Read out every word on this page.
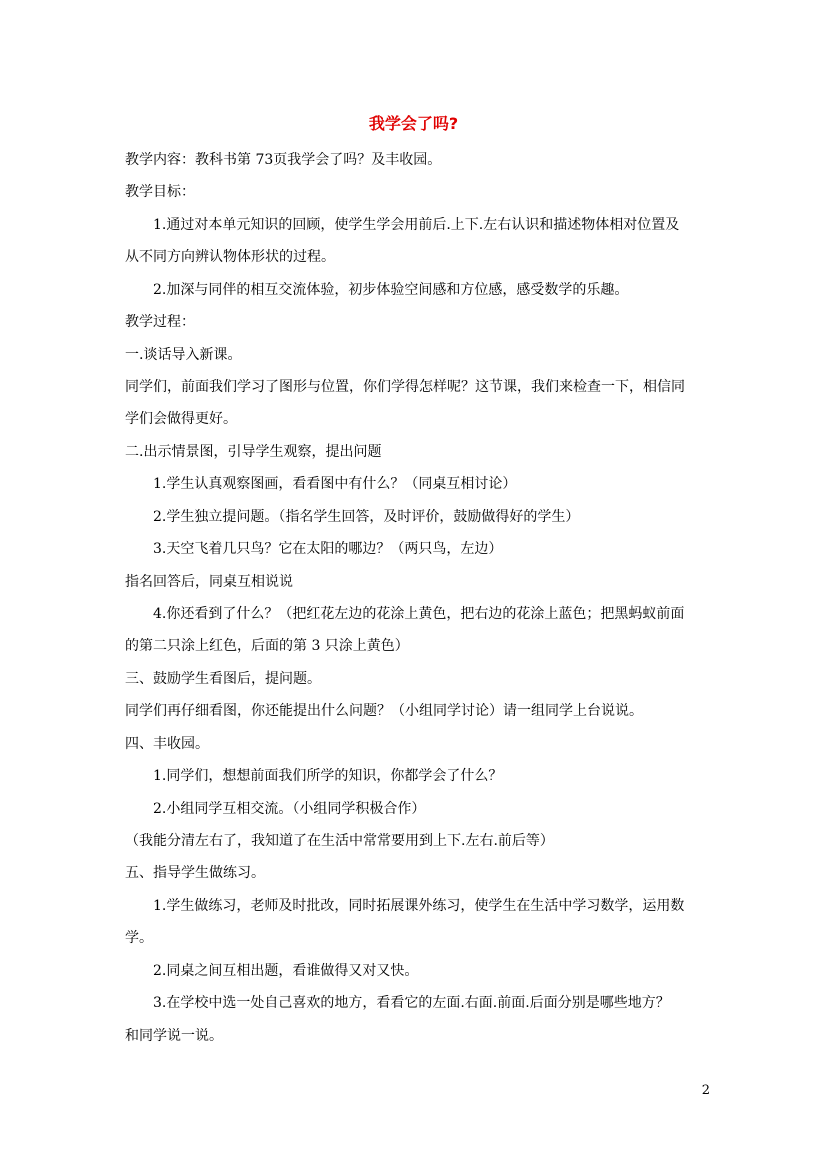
我学会了吗?
教学内容：教科书第 73页我学会了吗？及丰收园。
教学目标：
1.通过对本单元知识的回顾，使学生学会用前后.上下.左右认识和描述物体相对位置及
从不同方向辨认物体形状的过程。
2.加深与同伴的相互交流体验，初步体验空间感和方位感，感受数学的乐趣。
教学过程：
一.谈话导入新课。
同学们，前面我们学习了图形与位置，你们学得怎样呢？这节课，我们来检查一下，相信同
学们会做得更好。
二.出示情景图，引导学生观察，提出问题
1.学生认真观察图画，看看图中有什么？（同桌互相讨论）
2.学生独立提问题。（指名学生回答，及时评价，鼓励做得好的学生）
3.天空飞着几只鸟？它在太阳的哪边？（两只鸟，左边）
指名回答后，同桌互相说说
4.你还看到了什么？（把红花左边的花涂上黄色，把右边的花涂上蓝色；把黑蚂蚁前面
的第二只涂上红色，后面的第 3 只涂上黄色）
三、鼓励学生看图后，提问题。
同学们再仔细看图，你还能提出什么问题？（小组同学讨论）请一组同学上台说说。
四、丰收园。
1.同学们，想想前面我们所学的知识，你都学会了什么？
2.小组同学互相交流。（小组同学积极合作）
（我能分清左右了，我知道了在生活中常常要用到上下.左右.前后等）
五、指导学生做练习。
1.学生做练习，老师及时批改，同时拓展课外练习，使学生在生活中学习数学，运用数
学。
2.同桌之间互相出题，看谁做得又对又快。
3.在学校中选一处自己喜欢的地方，看看它的左面.右面.前面.后面分别是哪些地方？
和同学说一说。
2
